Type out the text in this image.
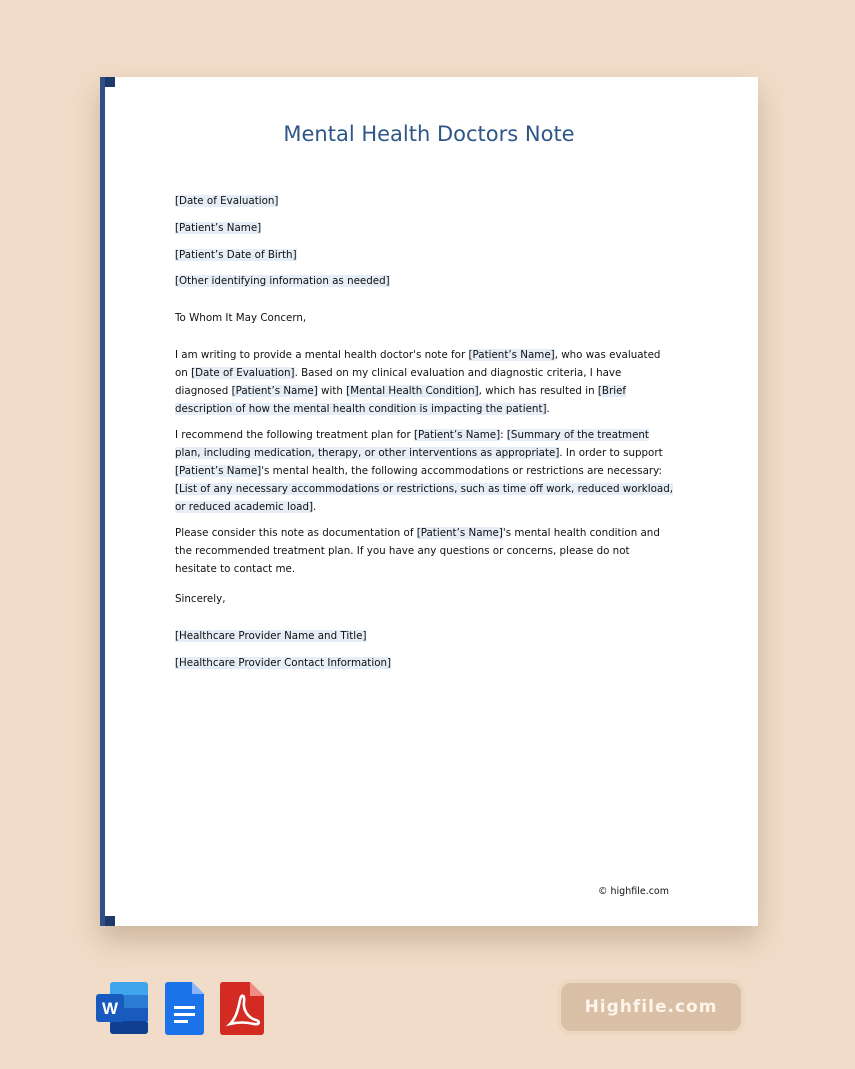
Mental Health Doctors Note
[Date of Evaluation]
[Patient’s Name]
[Patient’s Date of Birth]
[Other identifying information as needed]
To Whom It May Concern,

I am writing to provide a mental health doctor's note for [Patient’s Name], who was evaluated on [Date of Evaluation]. Based on my clinical evaluation and diagnostic criteria, I have diagnosed [Patient’s Name] with [Mental Health Condition], which has resulted in [Brief description of how the mental health condition is impacting the patient].

I recommend the following treatment plan for [Patient’s Name]: [Summary of the treatment plan, including medication, therapy, or other interventions as appropriate]. In order to support [Patient’s Name]'s mental health, the following accommodations or restrictions are necessary: [List of any necessary accommodations or restrictions, such as time off work, reduced workload, or reduced academic load].

Please consider this note as documentation of [Patient’s Name]'s mental health condition and the recommended treatment plan. If you have any questions or concerns, please do not hesitate to contact me.

Sincerely,
[Healthcare Provider Name and Title]
[Healthcare Provider Contact Information]
© highfile.com
W	Highfile.com
